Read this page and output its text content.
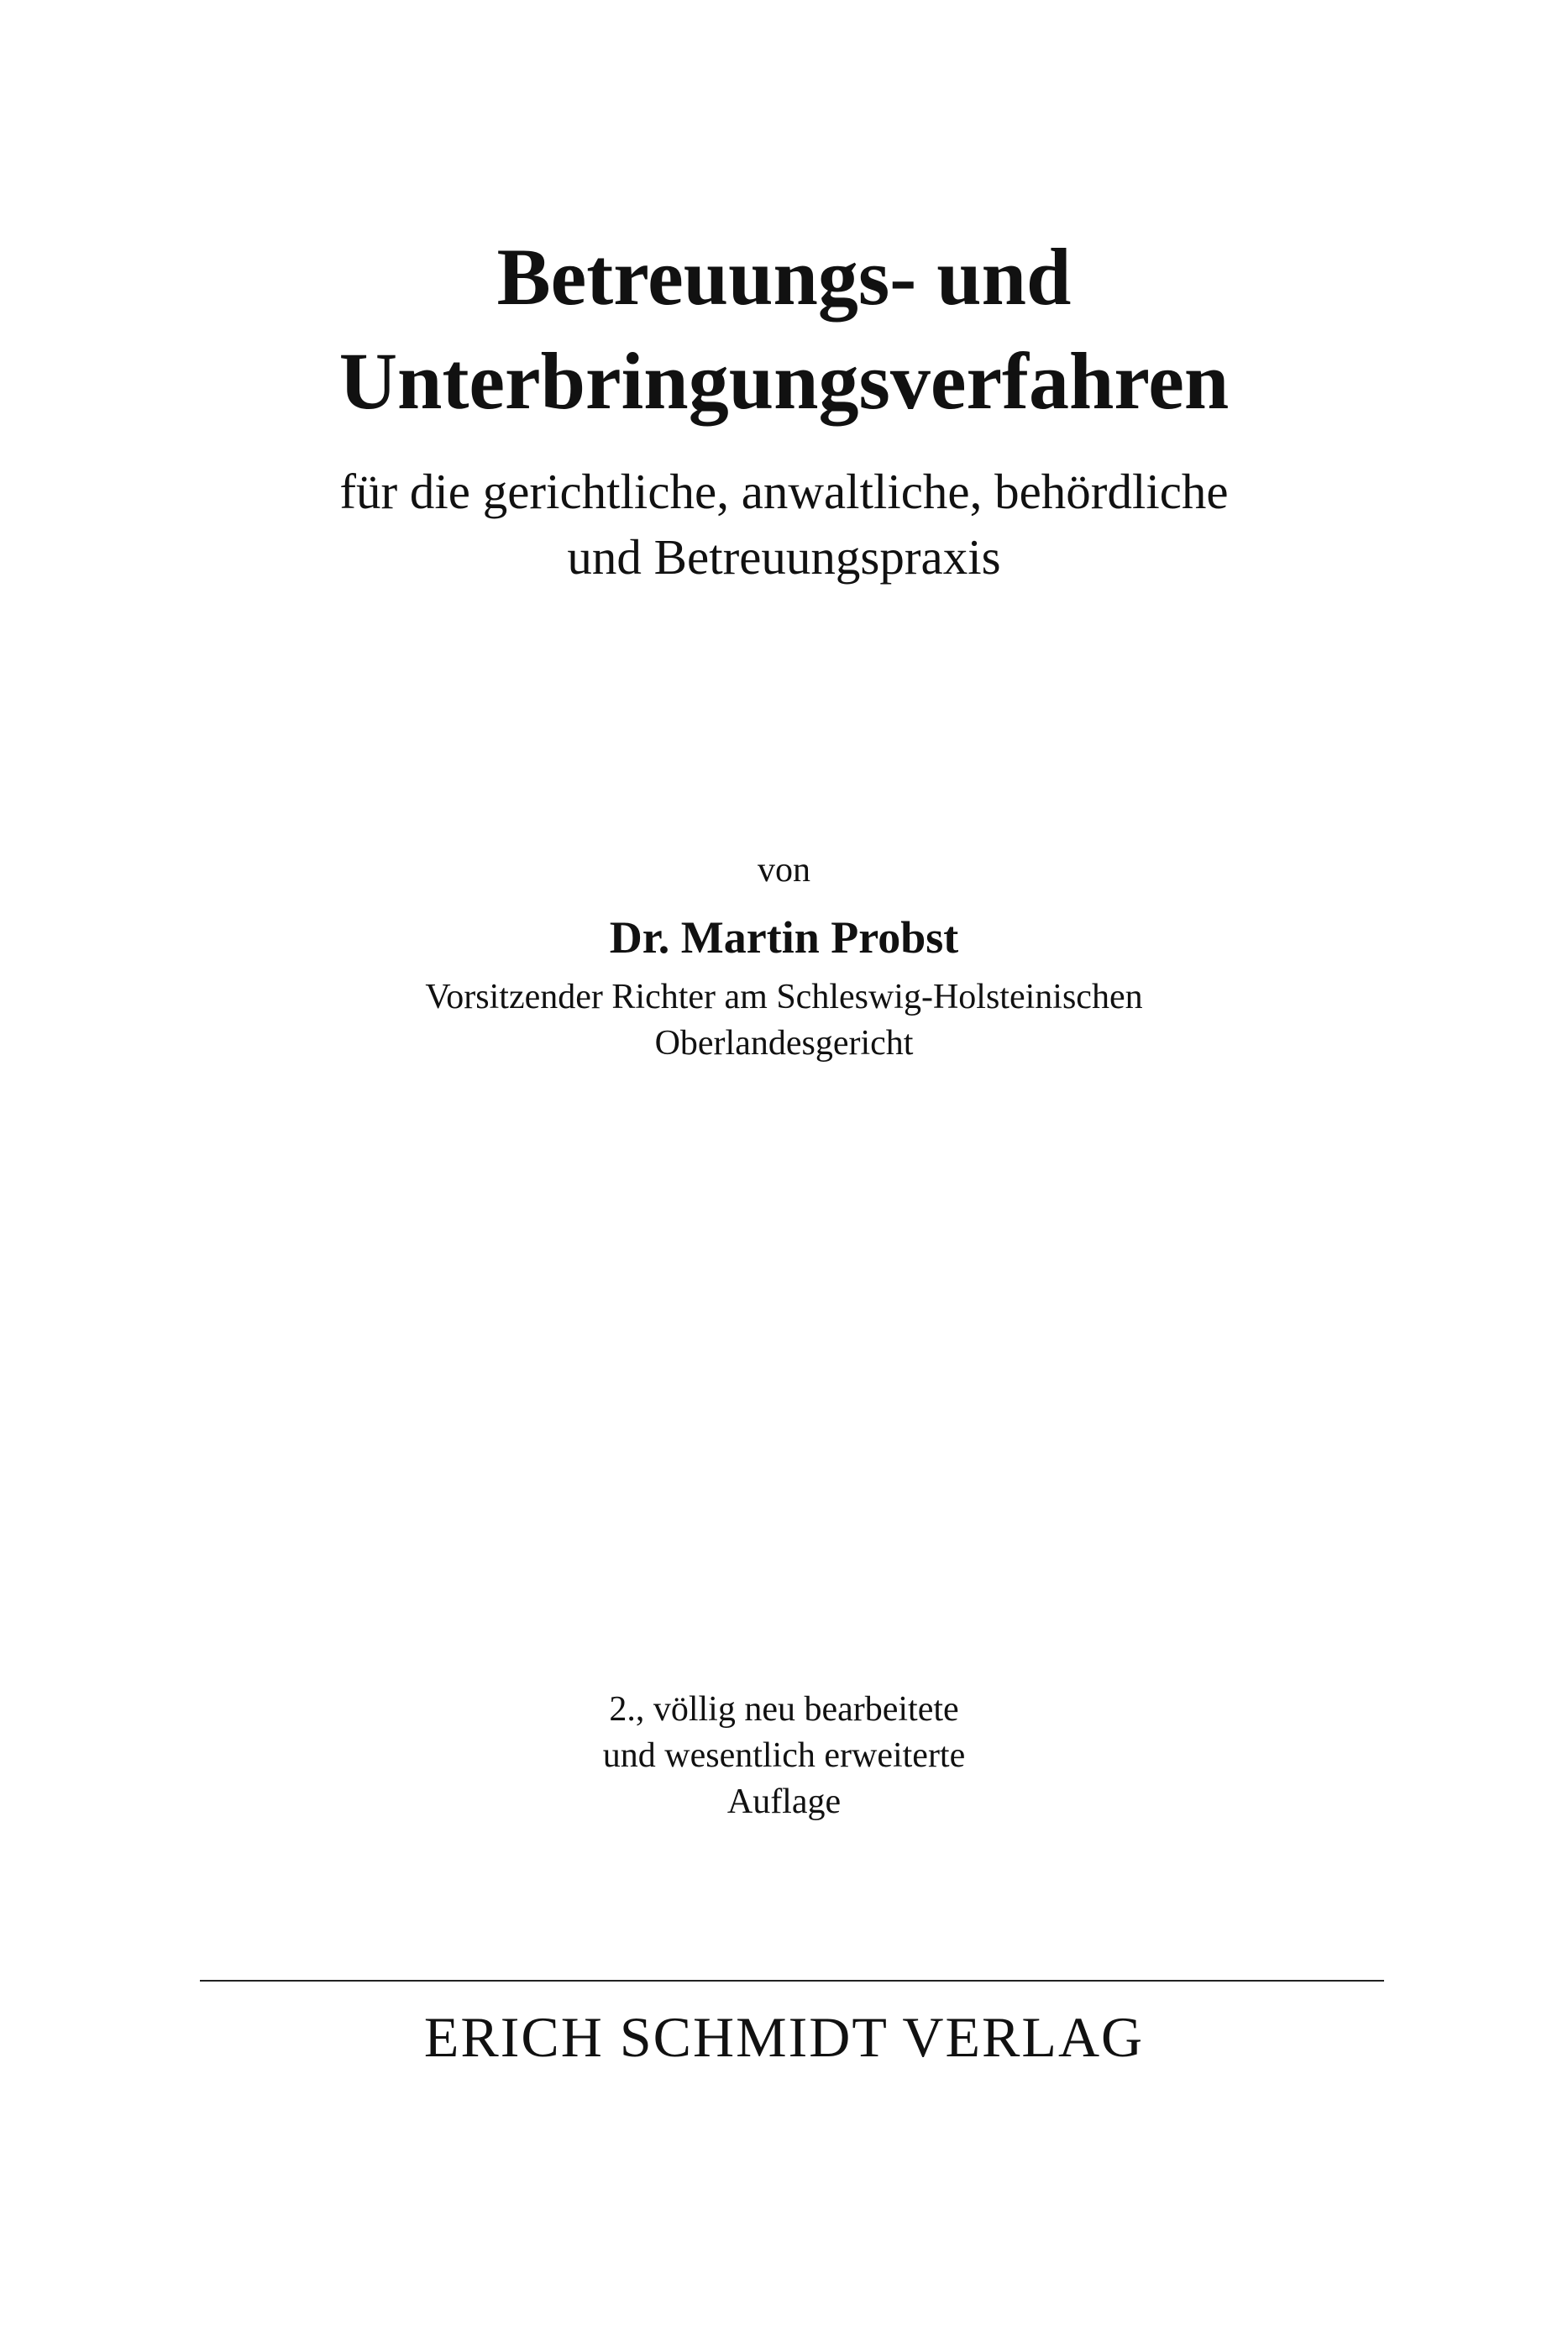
Betreuungs- und
Unterbringungsverfahren
für die gerichtliche, anwaltliche, behördliche
und Betreuungspraxis
von
Dr. Martin Probst
Vorsitzender Richter am Schleswig-Holsteinischen
Oberlandesgericht
2., völlig neu bearbeitete
und wesentlich erweiterte
Auflage
ERICH SCHMIDT VERLAG
